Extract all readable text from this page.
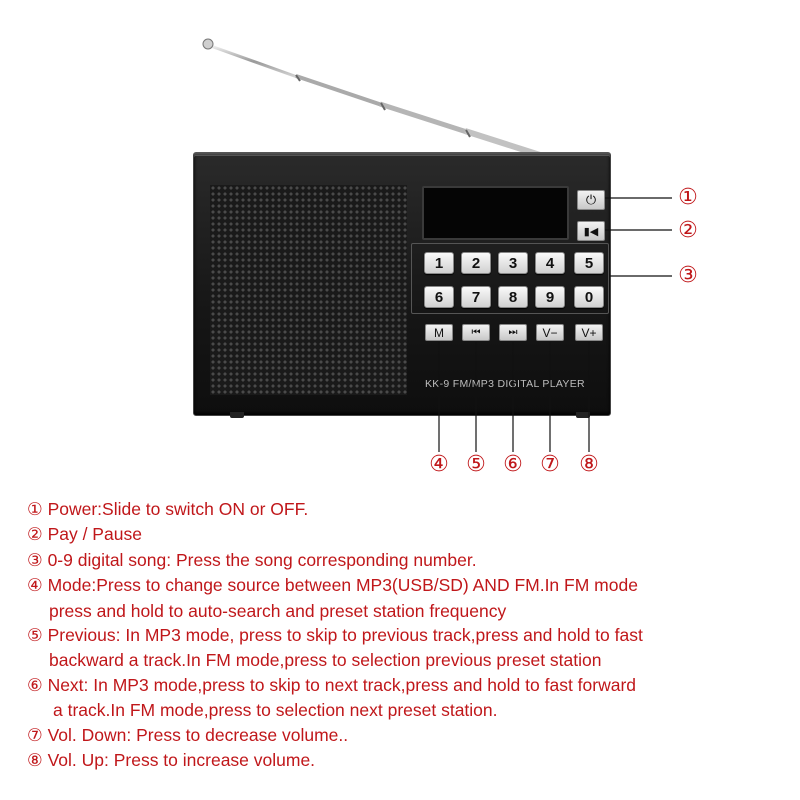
⏻
▮◀
1	2	3	4	5
6	7	8	9	0
M	⏮	⏭	V−	V+
KK-9 FM/MP3 DIGITAL PLAYER
①
②
③
④ ⑤ ⑥ ⑦ ⑧
① Power:Slide to switch ON or OFF.
② Pay / Pause
③ 0-9 digital song: Press the song corresponding number.
④ Mode:Press to change source between MP3(USB/SD) AND FM.In FM mode
press and hold to auto-search and preset station frequency
⑤ Previous: In MP3 mode, press to skip to previous track,press and hold to fast
backward a track.In FM mode,press to selection previous preset station
⑥ Next: In MP3 mode,press to skip to next track,press and hold to fast forward
a track.In FM mode,press to selection next preset station.
⑦ Vol. Down: Press to decrease volume..
⑧ Vol. Up: Press to increase volume.
